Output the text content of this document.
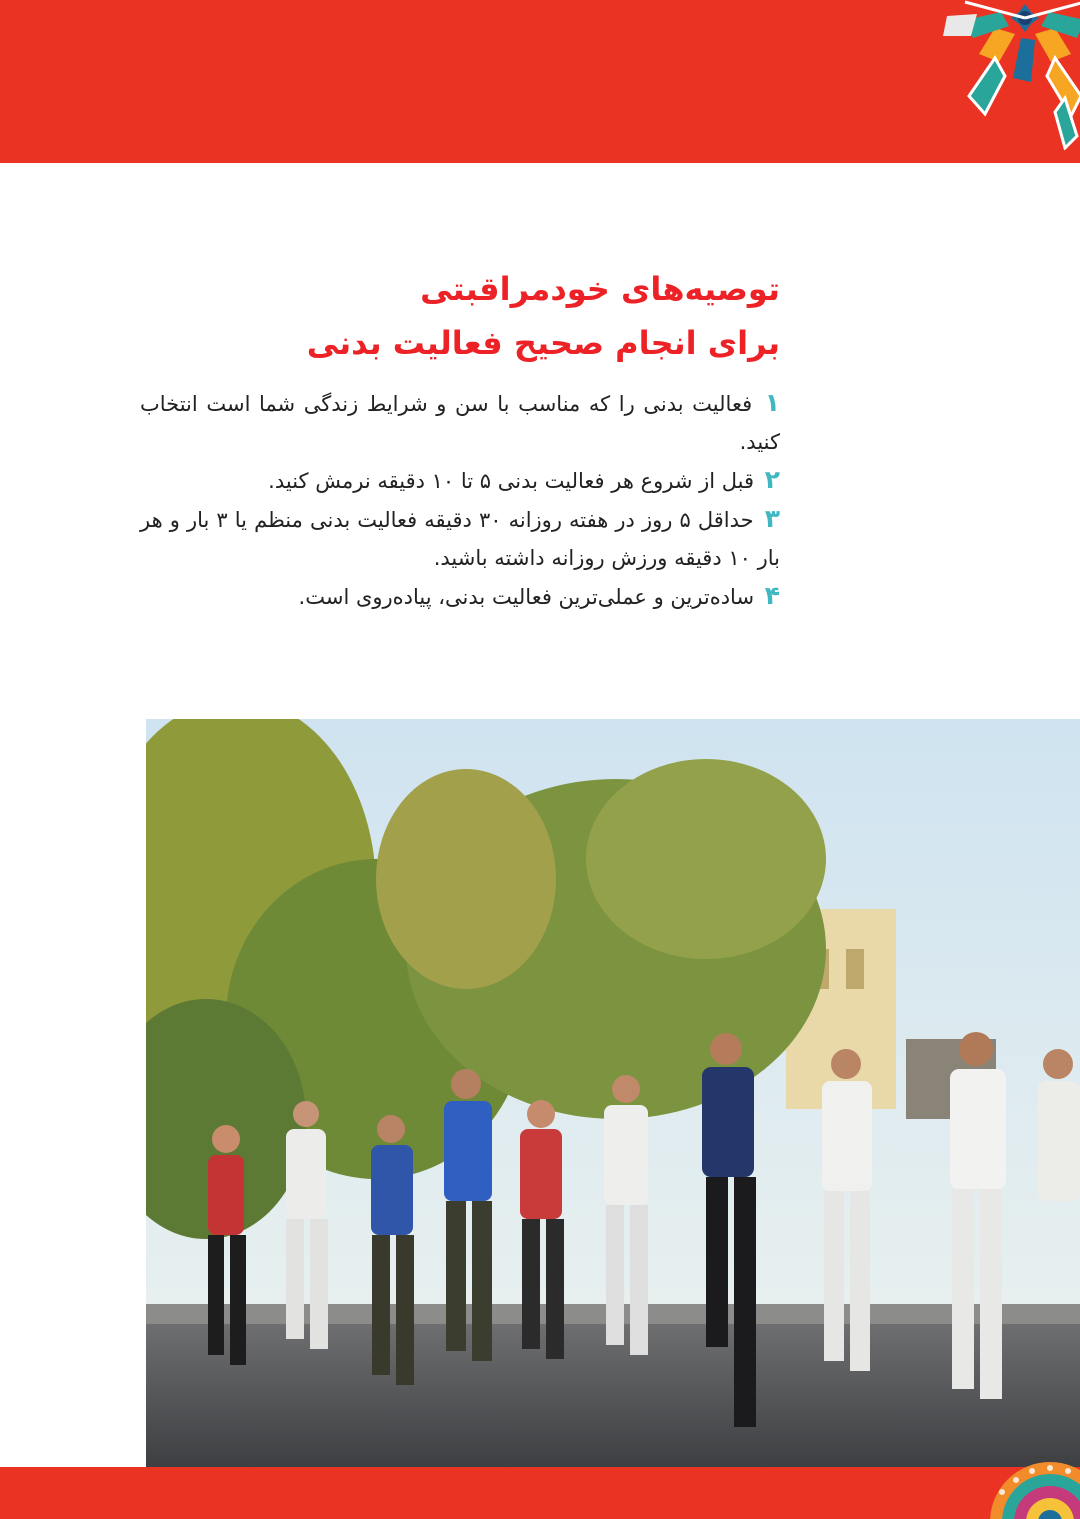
توصیه‌های خودمراقبتی
برای انجام صحیح فعالیت بدنی
۱ فعالیت بدنی را که مناسب با سن و شرایط زندگی شما است انتخاب کنید.
۲ قبل از شروع هر فعالیت بدنی ۵ تا ۱۰ دقیقه نرمش کنید.
۳ حداقل ۵ روز در هفته روزانه ۳۰ دقیقه فعالیت بدنی منظم یا ۳ بار و هر بار ۱۰ دقیقه ورزش روزانه داشته باشید.
۴ ساده‌ترین و عملی‌ترین فعالیت بدنی، پیاده‌روی است.
